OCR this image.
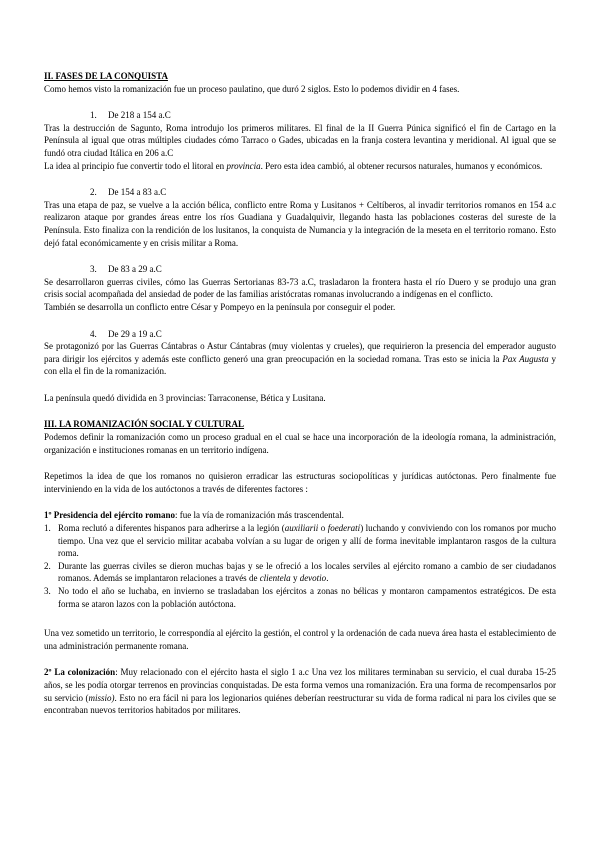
II. FASES DE LA CONQUISTA

Como hemos visto la romanización fue un proceso paulatino, que duró 2 siglos. Esto lo podemos dividir en 4 fases.

1. De 218 a 154 a.C

Tras la destrucción de Sagunto, Roma introdujo los primeros militares. El final de la II Guerra Púnica significó el fin de Cartago en la Península al igual que otras múltiples ciudades cómo Tarraco o Gades, ubicadas en la franja costera levantina y meridional. Al igual que se fundó otra ciudad Itálica en 206 a.C

La idea al principio fue convertir todo el litoral en provincia. Pero esta idea cambió, al obtener recursos naturales, humanos y económicos.

2. De 154 a 83 a.C

Tras una etapa de paz, se vuelve a la acción bélica, conflicto entre Roma y Lusitanos + Celtíberos, al invadir territorios romanos en 154 a.c realizaron ataque por grandes áreas entre los ríos Guadiana y Guadalquivir, llegando hasta las poblaciones costeras del sureste de la Península. Esto finaliza con la rendición de los lusitanos, la conquista de Numancia y la integración de la meseta en el territorio romano. Esto dejó fatal económicamente y en crisis militar a Roma.

3. De 83 a 29 a.C

Se desarrollaron guerras civiles, cómo las Guerras Sertorianas 83-73 a.C, trasladaron la frontera hasta el río Duero y se produjo una gran crisis social acompañada del ansiedad de poder de las familias aristócratas romanas involucrando a indígenas en el conflicto.

También se desarrolla un conflicto entre César y Pompeyo en la península por conseguir el poder.

4. De 29 a 19 a.C

Se protagonizó por las Guerras Cántabras o Astur Cántabras (muy violentas y crueles), que requirieron la presencia del emperador augusto para dirigir los ejércitos y además este conflicto generó una gran preocupación en la sociedad romana. Tras esto se inicia la Pax Augusta y con ella el fin de la romanización.

La península quedó dividida en 3 provincias: Tarraconense, Bética y Lusitana.

III. LA ROMANIZACIÓN SOCIAL Y CULTURAL

Podemos definir la romanización como un proceso gradual en el cual se hace una incorporación de la ideología romana, la administración, organización e instituciones romanas en un territorio indígena.

Repetimos la idea de que los romanos no quisieron erradicar las estructuras sociopolíticas y jurídicas autóctonas. Pero finalmente fue interviniendo en la vida de los autóctonos a través de diferentes factores :

1º Presidencia del ejército romano: fue la vía de romanización más trascendental.

1. Roma reclutó a diferentes hispanos para adherirse a la legión (auxiliarii o foederati) luchando y conviviendo con los romanos por mucho tiempo. Una vez que el servicio militar acababa volvían a su lugar de origen y allí de forma inevitable implantaron rasgos de la cultura roma.
2. Durante las guerras civiles se dieron muchas bajas y se le ofreció a los locales serviles al ejército romano a cambio de ser ciudadanos romanos. Además se implantaron relaciones a través de clientela y devotio.
3. No todo el año se luchaba, en invierno se trasladaban los ejércitos a zonas no bélicas y montaron campamentos estratégicos. De esta forma se ataron lazos con la población autóctona.

Una vez sometido un territorio, le correspondía al ejército la gestión, el control y la ordenación de cada nueva área hasta el establecimiento de una administración permanente romana.

2º La colonización: Muy relacionado con el ejército hasta el siglo 1 a.c Una vez los militares terminaban su servicio, el cual duraba 15-25 años, se les podía otorgar terrenos en provincias conquistadas. De esta forma vemos una romanización. Era una forma de recompensarlos por su servicio (missio). Esto no era fácil ni para los legionarios quiénes deberían reestructurar su vida de forma radical ni para los civiles que se encontraban nuevos territorios habitados por militares.
